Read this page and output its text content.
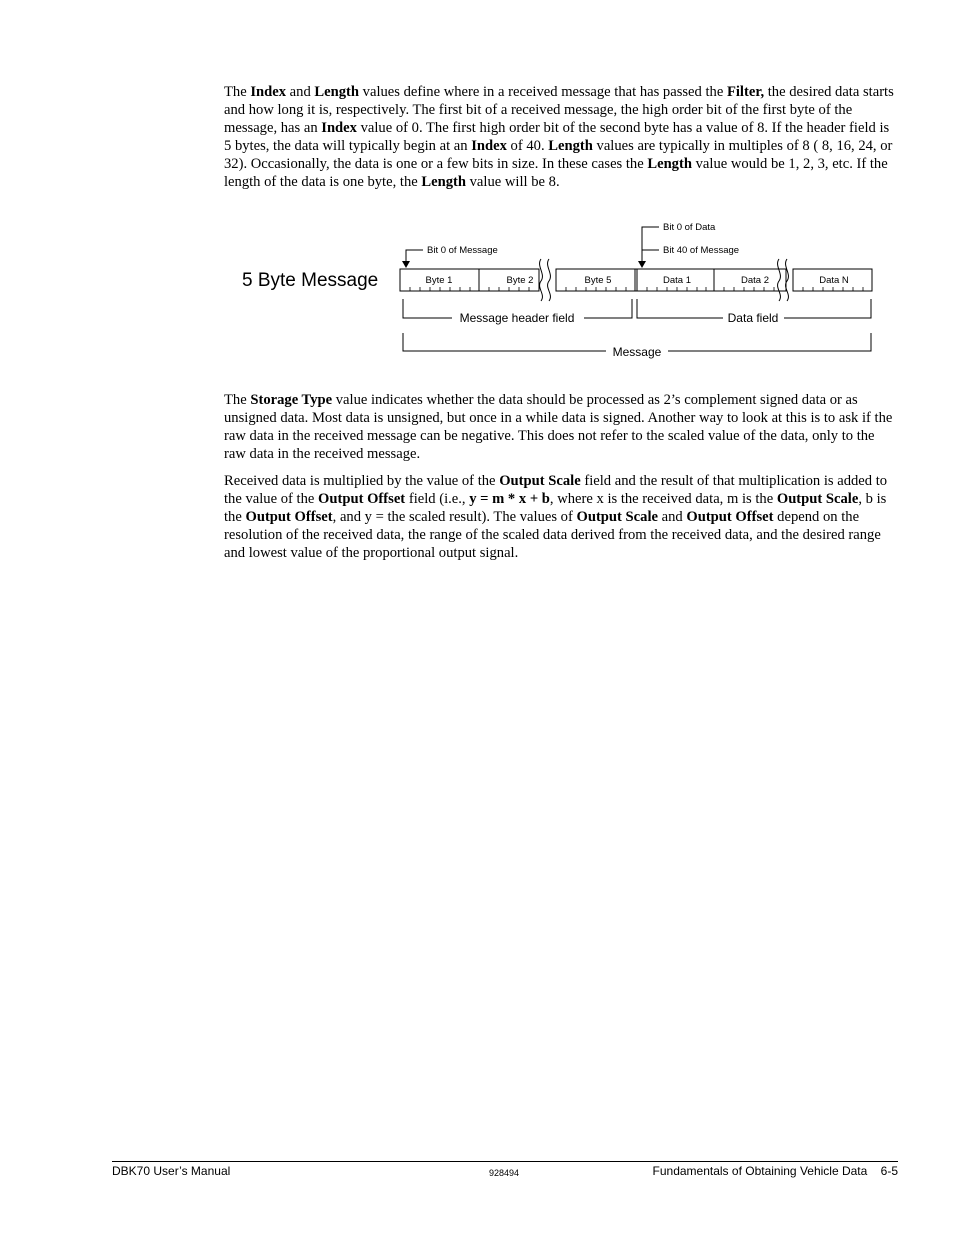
The Index and Length values define where in a received message that has passed the Filter, the desired data starts and how long it is, respectively. The first bit of a received message, the high order bit of the first byte of the message, has an Index value of 0. The first high order bit of the second byte has a value of 8. If the header field is 5 bytes, the data will typically begin at an Index of 40. Length values are typically in multiples of 8 ( 8, 16, 24, or 32). Occasionally, the data is one or a few bits in size. In these cases the Length value would be 1, 2, 3, etc. If the length of the data is one byte, the Length value will be 8.

5 Byte Message
Bit 0 of Message
Bit 0 of Data
Bit 40 of Message
Byte 1	Byte 2	Byte 5	Data 1	Data 2	Data N
Message header field	Data field
Message

The Storage Type value indicates whether the data should be processed as 2’s complement signed data or as unsigned data. Most data is unsigned, but once in a while data is signed. Another way to look at this is to ask if the raw data in the received message can be negative. This does not refer to the scaled value of the data, only to the raw data in the received message.

Received data is multiplied by the value of the Output Scale field and the result of that multiplication is added to the value of the Output Offset field (i.e., y = m * x + b, where x is the received data, m is the Output Scale, b is the Output Offset, and y = the scaled result). The values of Output Scale and Output Offset depend on the resolution of the received data, the range of the scaled data derived from the received data, and the desired range and lowest value of the proportional output signal.

DBK70 User’s Manual	928494	Fundamentals of Obtaining Vehicle Data    6-5
